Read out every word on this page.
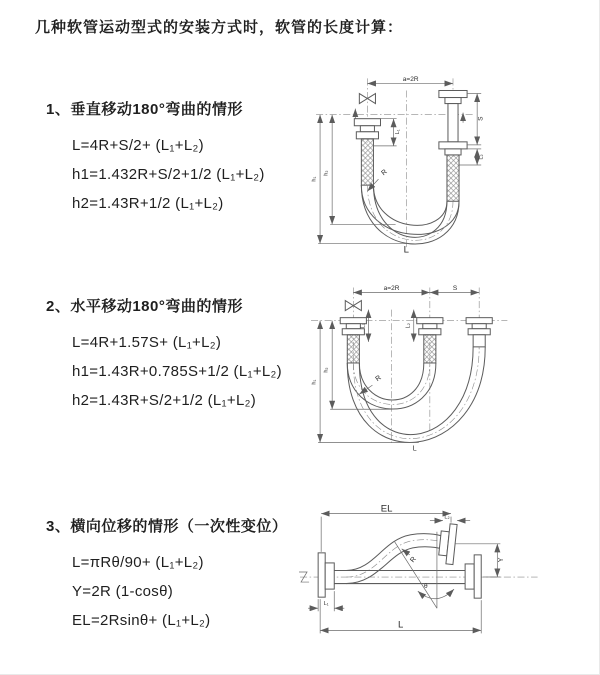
几种软管运动型式的安装方式时，软管的长度计算：
1、垂直移动180°弯曲的情形
L=4R+S/2+ (L₁+L₂)
h1=1.432R+S/2+1/2 (L₁+L₂)
h2=1.43R+1/2 (L₁+L₂)
2、水平移动180°弯曲的情形
L=4R+1.57S+ (L₁+L₂)
h1=1.43R+0.785S+1/2 (L₁+L₂)
h2=1.43R+S/2+1/2 (L₁+L₂)
3、横向位移的情形（一次性变位）
L=πRθ/90+ (L₁+L₂)
Y=2R (1-cosθ)
EL=2Rsinθ+ (L₁+L₂)
a=2R
L₁
S
L₂
h₁
h₂	R
L
a=2R	S
L₁	L₂
h₁
h₂
R
L
EL
L₂
Y
R
θ
L₁
L
